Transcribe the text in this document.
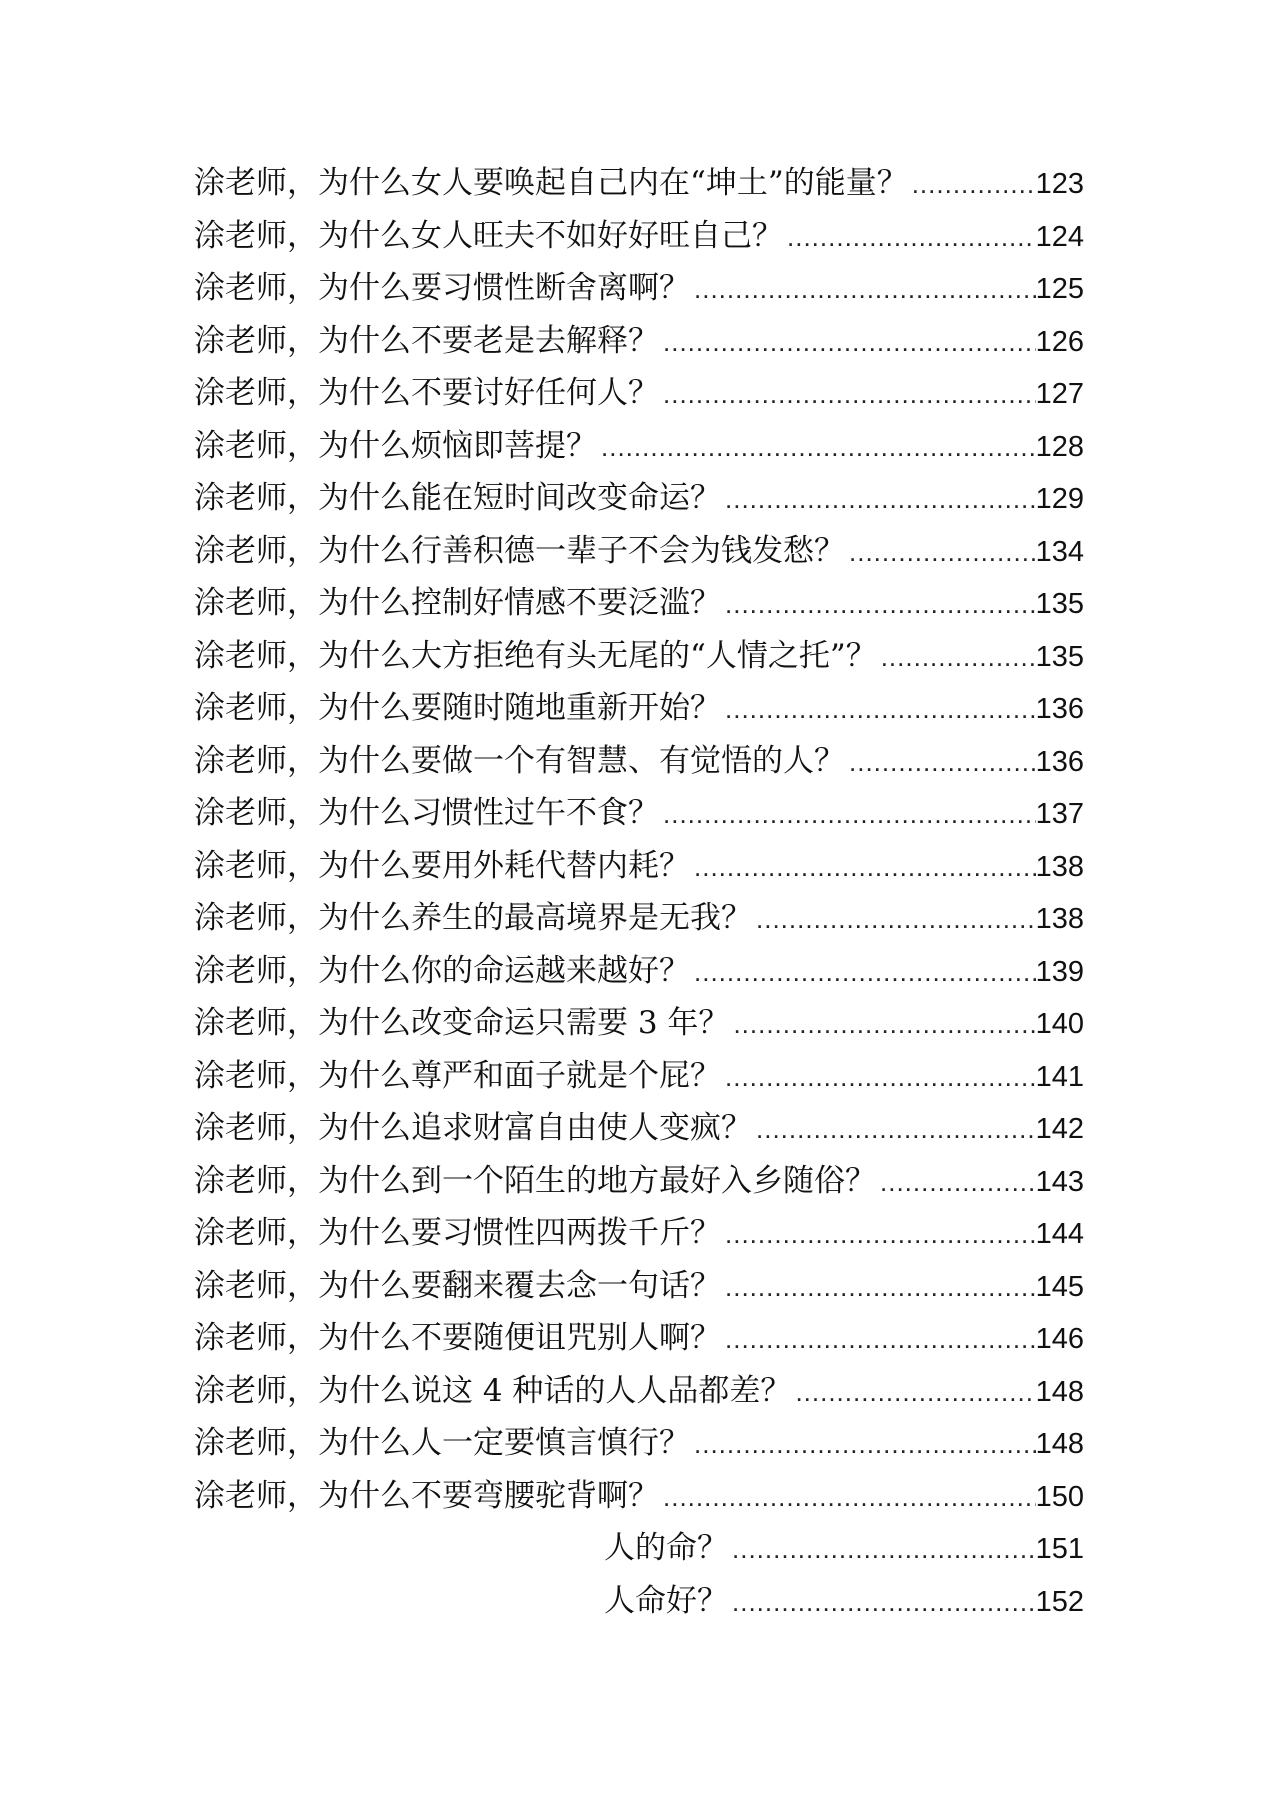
涂老师，为什么女人要唤起自己内在“坤土”的能量？ .....	123
涂老师，为什么女人旺夫不如好好旺自己？ .....	124
涂老师，为什么要习惯性断舍离啊？ .....	125
涂老师，为什么不要老是去解释？ .....	126
涂老师，为什么不要讨好任何人？ .....	127
涂老师，为什么烦恼即菩提？ .....	128
涂老师，为什么能在短时间改变命运？ .....	129
涂老师，为什么行善积德一辈子不会为钱发愁？ .....	134
涂老师，为什么控制好情感不要泛滥？ .....	135
涂老师，为什么大方拒绝有头无尾的“人情之托”？ .....	135
涂老师，为什么要随时随地重新开始？ .....	136
涂老师，为什么要做一个有智慧、有觉悟的人？ .....	136
涂老师，为什么习惯性过午不食？ .....	137
涂老师，为什么要用外耗代替内耗？ .....	138
涂老师，为什么养生的最高境界是无我？ .....	138
涂老师，为什么你的命运越来越好？ .....	139
涂老师，为什么改变命运只需要 3 年？ .....	140
涂老师，为什么尊严和面子就是个屁？ .....	141
涂老师，为什么追求财富自由使人变疯？ .....	142
涂老师，为什么到一个陌生的地方最好入乡随俗？ .....	143
涂老师，为什么要习惯性四两拨千斤？ .....	144
涂老师，为什么要翻来覆去念一句话？ .....	145
涂老师，为什么不要随便诅咒别人啊？ .....	146
涂老师，为什么说这 4 种话的人人品都差？ .....	148
涂老师，为什么人一定要慎言慎行？ .....	148
涂老师，为什么不要弯腰驼背啊？ .....	150
人的命？ .....	151
人命好？ .....	152
